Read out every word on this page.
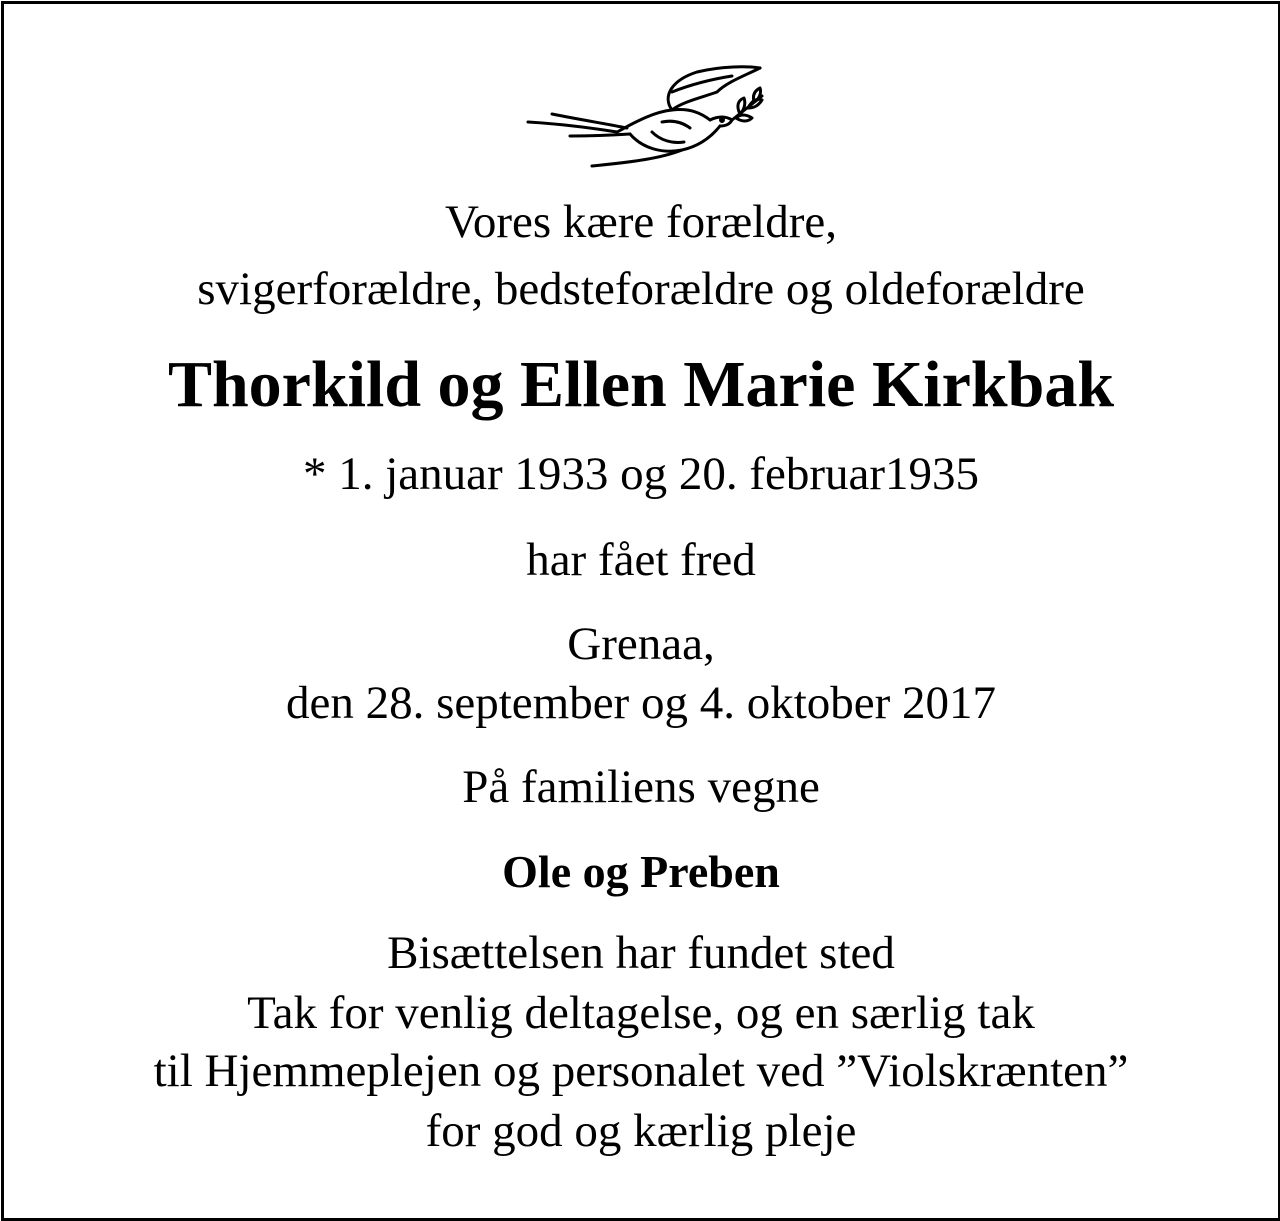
Vores kære forældre,
svigerforældre, bedsteforældre og oldeforældre
Thorkild og Ellen Marie Kirkbak
* 1. januar 1933 og 20. februar1935
har fået fred
Grenaa,
den 28. september og 4. oktober 2017
På familiens vegne
Ole og Preben
Bisættelsen har fundet sted
Tak for venlig deltagelse, og en særlig tak
til Hjemmeplejen og personalet ved ”Violskrænten”
for god og kærlig pleje
